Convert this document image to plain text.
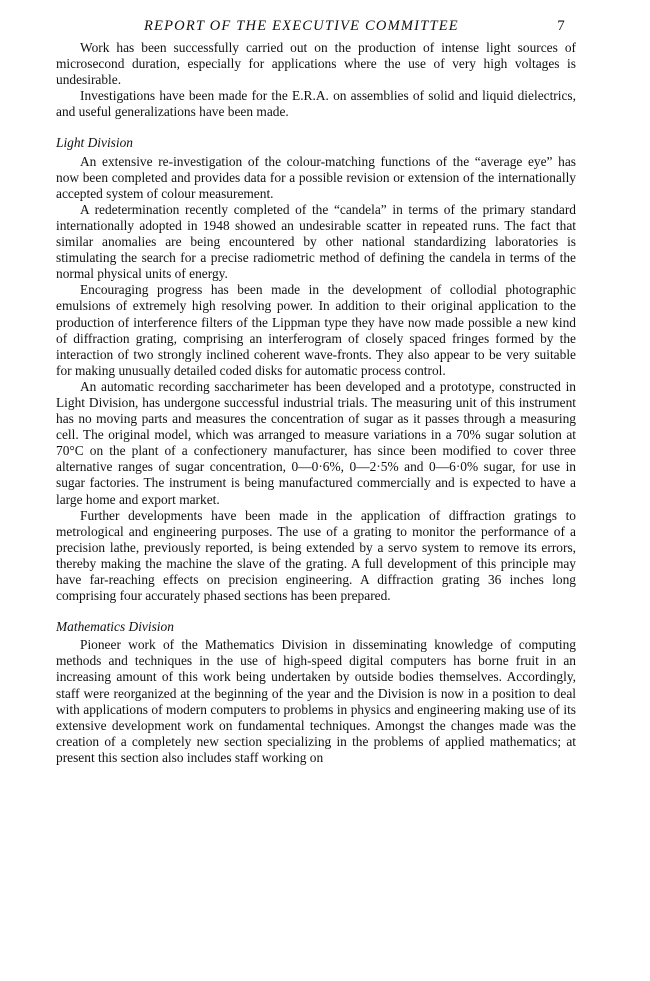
REPORT OF THE EXECUTIVE COMMITTEE	7

Work has been successfully carried out on the production of intense light sources of microsecond duration, especially for applications where the use of very high voltages is undesirable.

Investigations have been made for the E.R.A. on assemblies of solid and liquid dielectrics, and useful generalizations have been made.

Light Division

An extensive re-investigation of the colour-matching functions of the “average eye” has now been completed and provides data for a possible revision or extension of the internationally accepted system of colour measurement.

A redetermination recently completed of the “candela” in terms of the primary standard internationally adopted in 1948 showed an undesirable scatter in repeated runs. The fact that similar anomalies are being encountered by other national standardizing laboratories is stimulating the search for a precise radiometric method of defining the candela in terms of the normal physical units of energy.

Encouraging progress has been made in the development of collodial photographic emulsions of extremely high resolving power. In addition to their original application to the production of interference filters of the Lippman type they have now made possible a new kind of diffraction grating, comprising an interferogram of closely spaced fringes formed by the interaction of two strongly inclined coherent wave-fronts. They also appear to be very suitable for making unusually detailed coded disks for automatic process control.

An automatic recording saccharimeter has been developed and a prototype, constructed in Light Division, has undergone successful industrial trials. The measuring unit of this instrument has no moving parts and measures the concentration of sugar as it passes through a measuring cell. The original model, which was arranged to measure variations in a 70% sugar solution at 70°C on the plant of a confectionery manufacturer, has since been modified to cover three alternative ranges of sugar concentration, 0—0·6%, 0—2·5% and 0—6·0% sugar, for use in sugar factories. The instrument is being manufactured commercially and is expected to have a large home and export market.

Further developments have been made in the application of diffraction gratings to metrological and engineering purposes. The use of a grating to monitor the performance of a precision lathe, previously reported, is being extended by a servo system to remove its errors, thereby making the machine the slave of the grating. A full development of this principle may have far-reaching effects on precision engineering. A diffraction grating 36 inches long comprising four accurately phased sections has been prepared.

Mathematics Division

Pioneer work of the Mathematics Division in disseminating knowledge of computing methods and techniques in the use of high-speed digital computers has borne fruit in an increasing amount of this work being undertaken by outside bodies themselves. Accordingly, staff were reorganized at the beginning of the year and the Division is now in a position to deal with applications of modern computers to problems in physics and engineering making use of its extensive development work on fundamental techniques. Amongst the changes made was the creation of a completely new section specializing in the problems of applied mathematics; at present this section also includes staff working on
